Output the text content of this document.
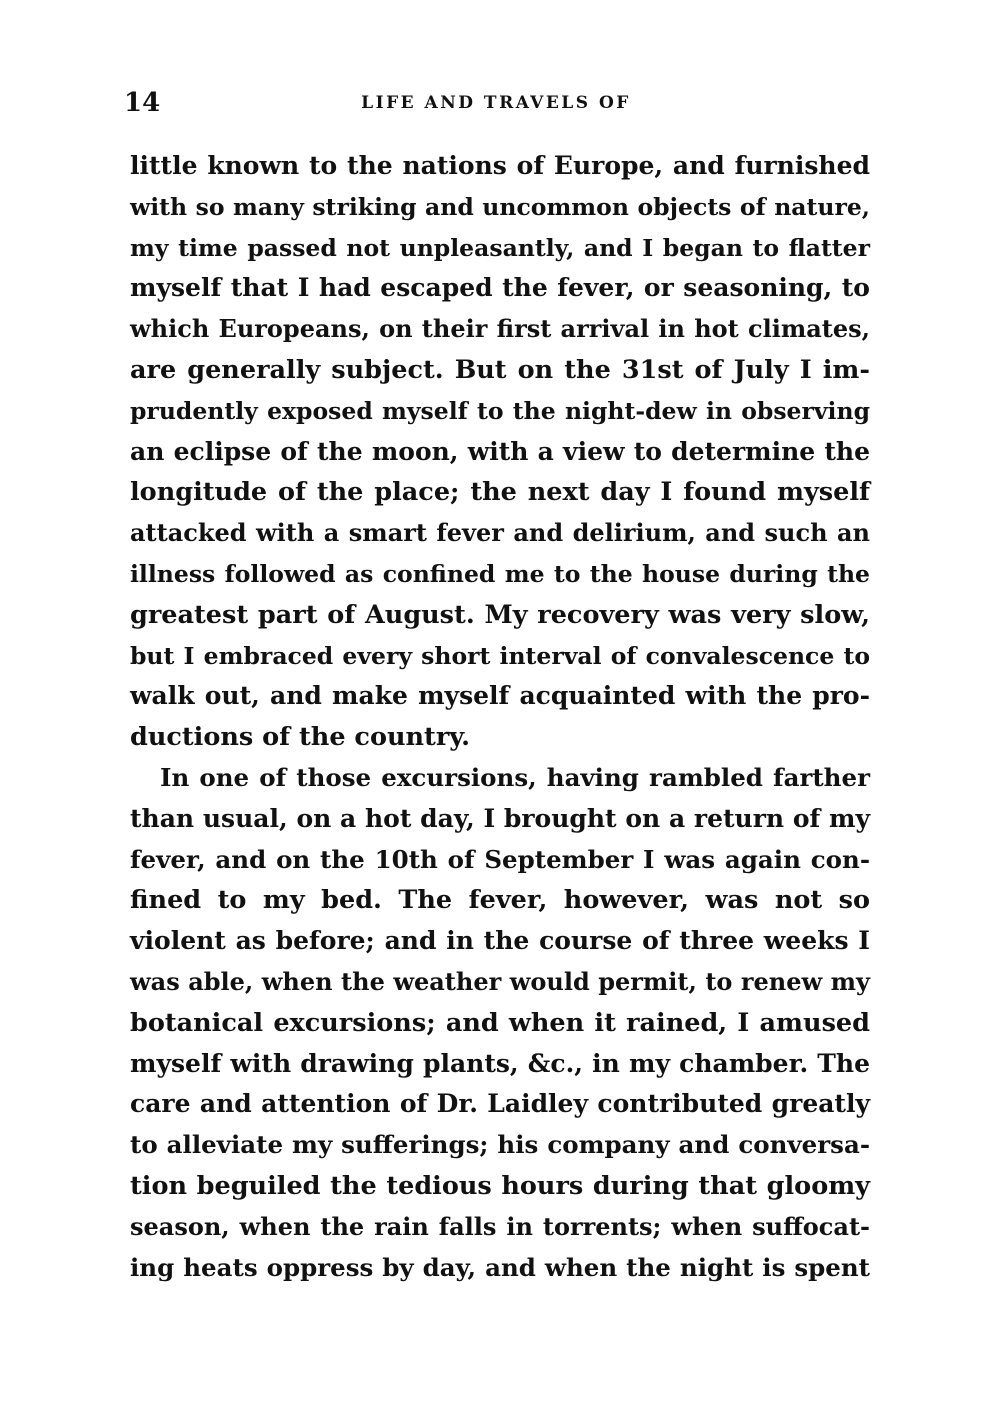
14	LIFE AND TRAVELS OF
little known to the nations of Europe, and furnished
with so many striking and uncommon objects of nature,
my time passed not unpleasantly, and I began to flatter
myself that I had escaped the fever, or seasoning, to
which Europeans, on their first arrival in hot climates,
are generally subject. But on the 31st of July I im-
prudently exposed myself to the night-dew in observing
an eclipse of the moon, with a view to determine the
longitude of the place; the next day I found myself
attacked with a smart fever and delirium, and such an
illness followed as confined me to the house during the
greatest part of August. My recovery was very slow,
but I embraced every short interval of convalescence to
walk out, and make myself acquainted with the pro-
ductions of the country.
In one of those excursions, having rambled farther
than usual, on a hot day, I brought on a return of my
fever, and on the 10th of September I was again con-
fined to my bed. The fever, however, was not so
violent as before; and in the course of three weeks I
was able, when the weather would permit, to renew my
botanical excursions; and when it rained, I amused
myself with drawing plants, &c., in my chamber. The
care and attention of Dr. Laidley contributed greatly
to alleviate my sufferings; his company and conversa-
tion beguiled the tedious hours during that gloomy
season, when the rain falls in torrents; when suffocat-
ing heats oppress by day, and when the night is spent
